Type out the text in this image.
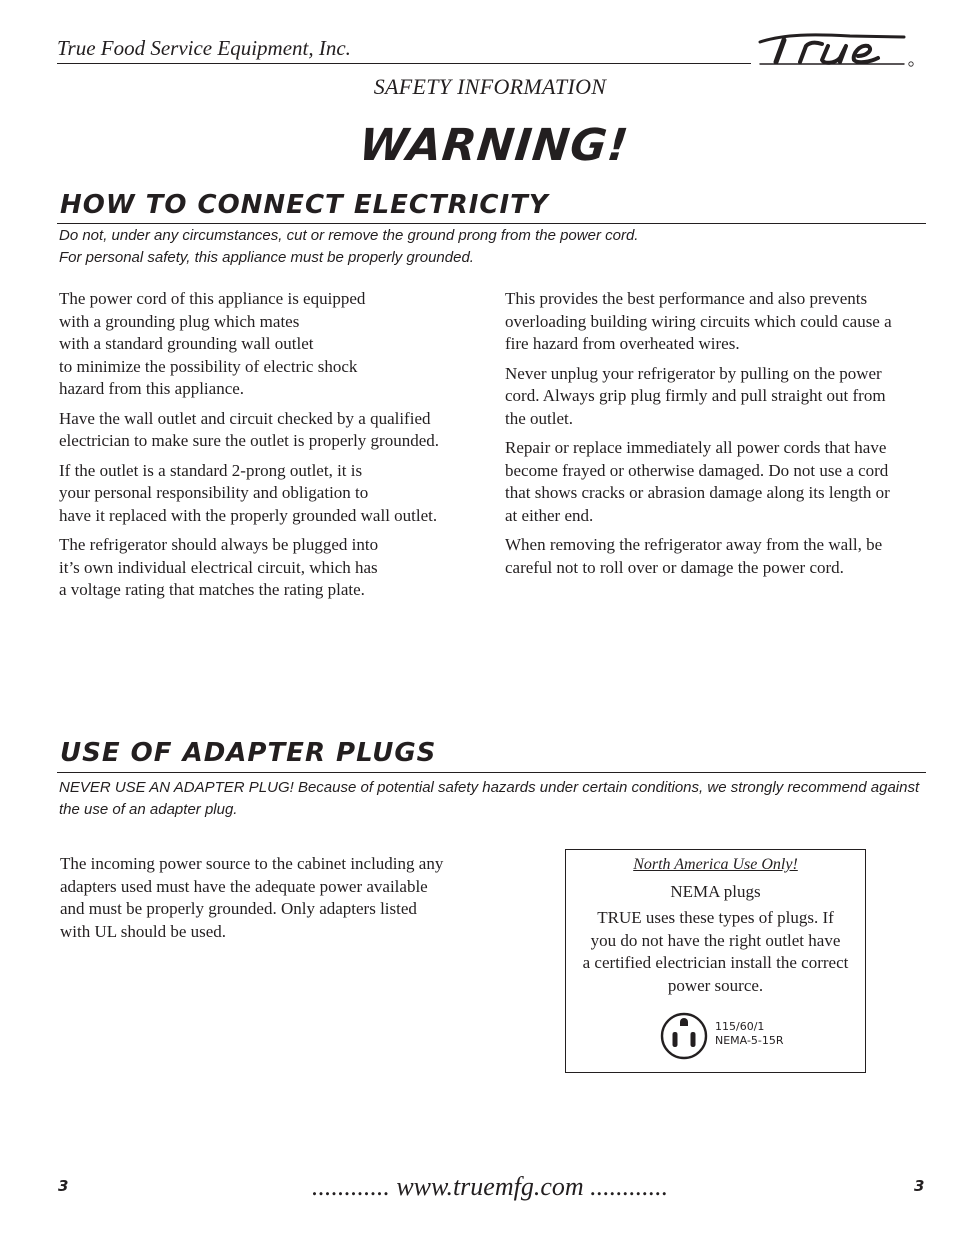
True Food Service Equipment, Inc.
SAFETY INFORMATION
WARNING!
HOW TO CONNECT ELECTRICITY
Do not, under any circumstances, cut or remove the ground prong from the power cord.
For personal safety, this appliance must be properly grounded.

The power cord of this appliance is equipped
with a grounding plug which mates
with a standard grounding wall outlet
to minimize the possibility of electric shock
hazard from this appliance.

Have the wall outlet and circuit checked by a qualified
electrician to make sure the outlet is properly grounded.

If the outlet is a standard 2-prong outlet, it is
your personal responsibility and obligation to
have it replaced with the properly grounded wall outlet.

The refrigerator should always be plugged into
it’s own individual electrical circuit, which has
a voltage rating that matches the rating plate.

This provides the best performance and also prevents
overloading building wiring circuits which could cause a
fire hazard from overheated wires.

Never unplug your refrigerator by pulling on the power
cord. Always grip plug firmly and pull straight out from
the outlet.

Repair or replace immediately all power cords that have
become frayed or otherwise damaged. Do not use a cord
that shows cracks or abrasion damage along its length or
at either end.

When removing the refrigerator away from the wall, be
careful not to roll over or damage the power cord.

USE OF ADAPTER PLUGS
NEVER USE AN ADAPTER PLUG! Because of potential safety hazards under certain conditions, we strongly recommend against
the use of an adapter plug.

The incoming power source to the cabinet including any
adapters used must have the adequate power available
and must be properly grounded. Only adapters listed
with UL should be used.

North America Use Only!
NEMA plugs
TRUE uses these types of plugs. If
you do not have the right outlet have
a certified electrician install the correct
power source.
115/60/1
NEMA-5-15R
3	............ www.truemfg.com ............	3
